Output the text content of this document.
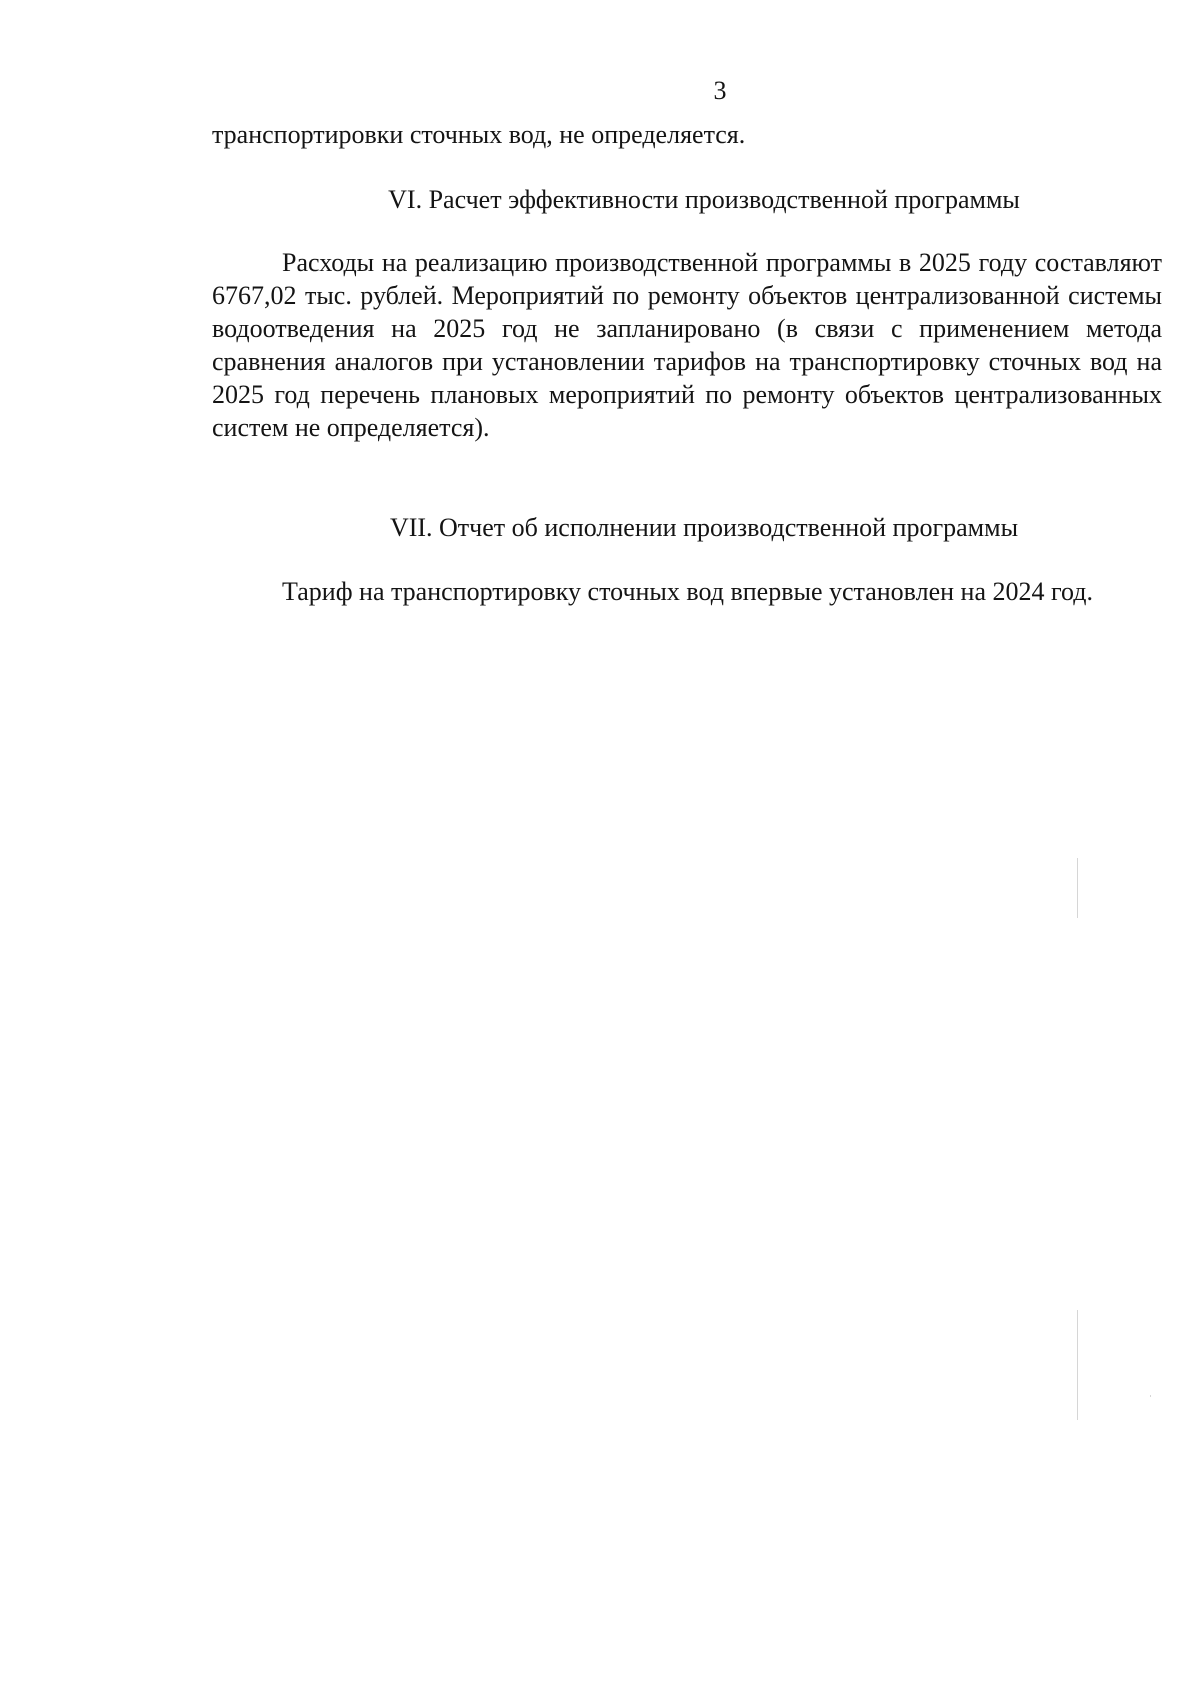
3
транспортировки сточных вод, не определяется.
VI. Расчет эффективности производственной программы
Расходы на реализацию производственной программы в 2025 году составляют 6767,02 тыс. рублей. Мероприятий по ремонту объектов централизованной системы водоотведения на 2025 год не запланировано (в связи с применением метода сравнения аналогов при установлении тарифов на транспортировку сточных вод на 2025 год перечень плановых мероприятий по ремонту объектов централизованных систем не определяется).
VII. Отчет об исполнении производственной программы
Тариф на транспортировку сточных вод впервые установлен на 2024 год.
